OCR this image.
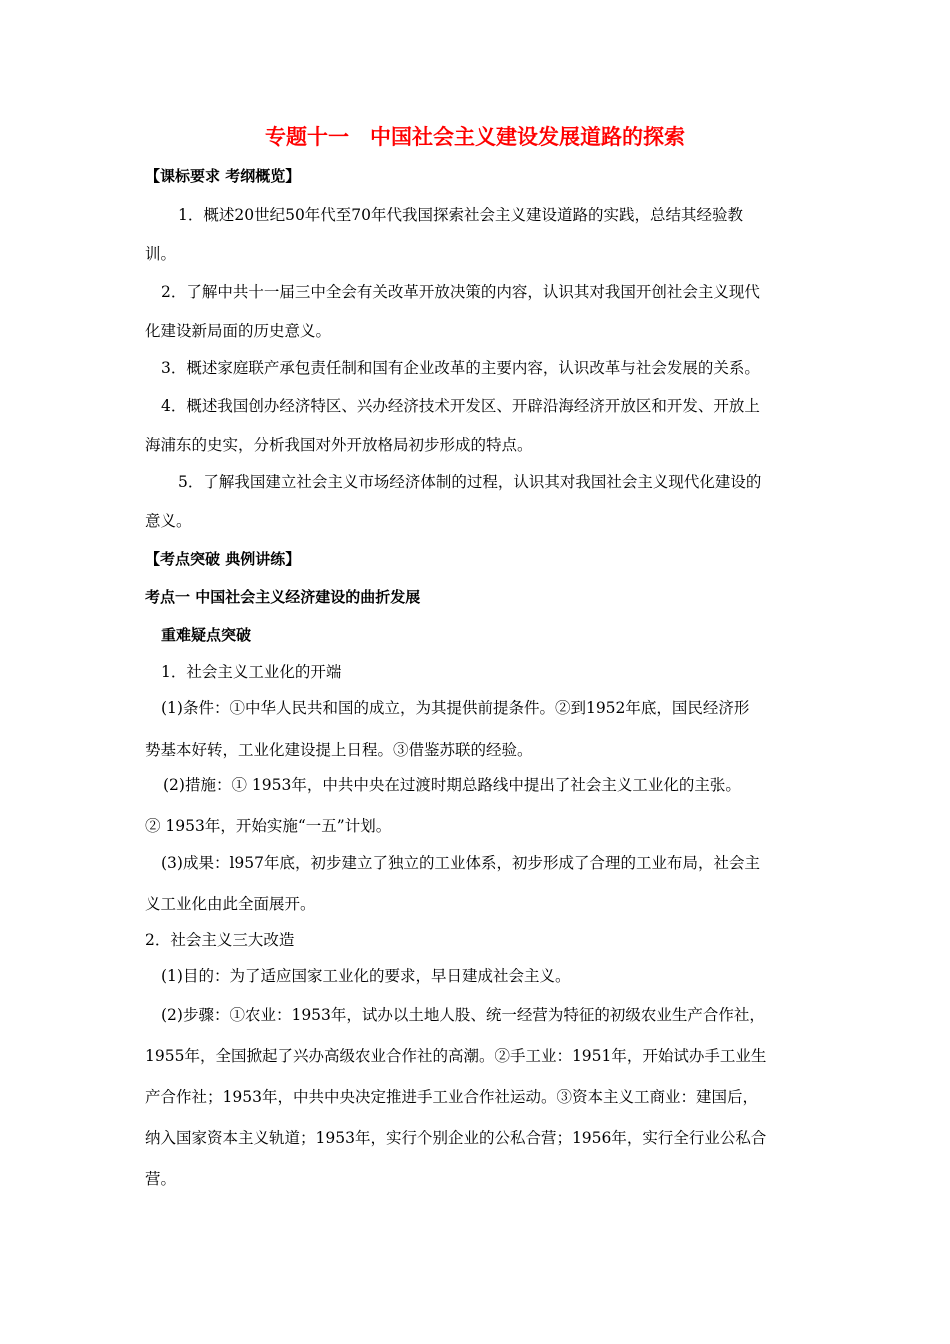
专题十一　中国社会主义建设发展道路的探索
【课标要求 考纲概览】
1．概述20世纪50年代至70年代我国探索社会主义建设道路的实践，总结其经验教
训。
2．了解中共十一届三中全会有关改革开放决策的内容，认识其对我国开创社会主义现代
化建设新局面的历史意义。
3．概述家庭联产承包责任制和国有企业改革的主要内容，认识改革与社会发展的关系。
4．概述我国创办经济特区、兴办经济技术开发区、开辟沿海经济开放区和开发、开放上
海浦东的史实，分析我国对外开放格局初步形成的特点。
5．了解我国建立社会主义市场经济体制的过程，认识其对我国社会主义现代化建设的
意义。
【考点突破 典例讲练】
考点一 中国社会主义经济建设的曲折发展
重难疑点突破
1．社会主义工业化的开端
(1)条件：①中华人民共和国的成立，为其提供前提条件。②到1952年底，国民经济形
势基本好转，工业化建设提上日程。③借鉴苏联的经验。
(2)措施：① 1953年，中共中央在过渡时期总路线中提出了社会主义工业化的主张。
② 1953年，开始实施“一五”计划。
(3)成果：l957年底，初步建立了独立的工业体系，初步形成了合理的工业布局，社会主
义工业化由此全面展开。
2．社会主义三大改造
(1)目的：为了适应国家工业化的要求，早日建成社会主义。
(2)步骤：①农业：1953年，试办以土地人股、统一经营为特征的初级农业生产合作社，
1955年，全国掀起了兴办高级农业合作社的高潮。②手工业：1951年，开始试办手工业生
产合作社；1953年，中共中央决定推进手工业合作社运动。③资本主义工商业：建国后，
纳入国家资本主义轨道；1953年，实行个别企业的公私合营；1956年，实行全行业公私合
营。
